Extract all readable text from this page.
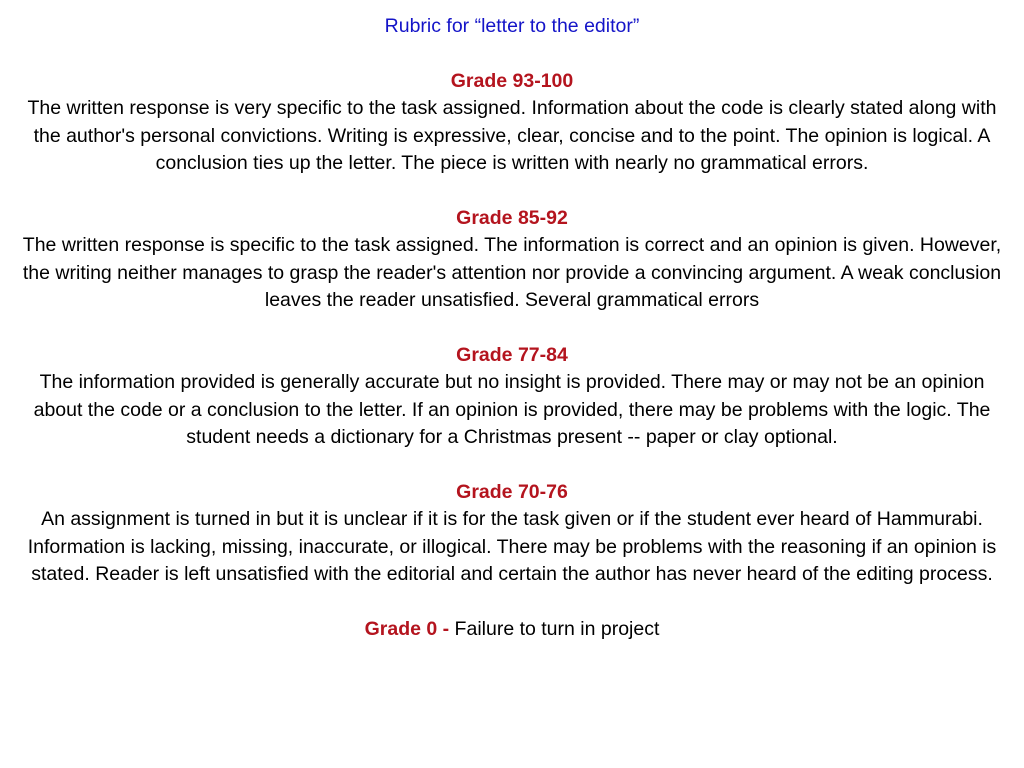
Rubric for “letter to the editor”
Grade 93-100
The written response is very specific to the task assigned. Information about the code is clearly stated along with the author's personal convictions. Writing is expressive, clear, concise and to the point. The opinion is logical. A conclusion ties up the letter. The piece is written with nearly no grammatical errors.
Grade 85-92
The written response is specific to the task assigned. The information is correct and an opinion is given. However, the writing neither manages to grasp the reader's attention nor provide a convincing argument. A weak conclusion leaves the reader unsatisfied. Several grammatical errors
Grade 77-84
The information provided is generally accurate but no insight is provided. There may or may not be an opinion about the code or a conclusion to the letter. If an opinion is provided, there may be problems with the logic. The student needs a dictionary for a Christmas present -- paper or clay optional.
Grade 70-76
An assignment is turned in but it is unclear if it is for the task given or if the student ever heard of Hammurabi. Information is lacking, missing, inaccurate, or illogical. There may be problems with the reasoning if an opinion is stated. Reader is left unsatisfied with the editorial and certain the author has never heard of the editing process.
Grade 0 - Failure to turn in project
